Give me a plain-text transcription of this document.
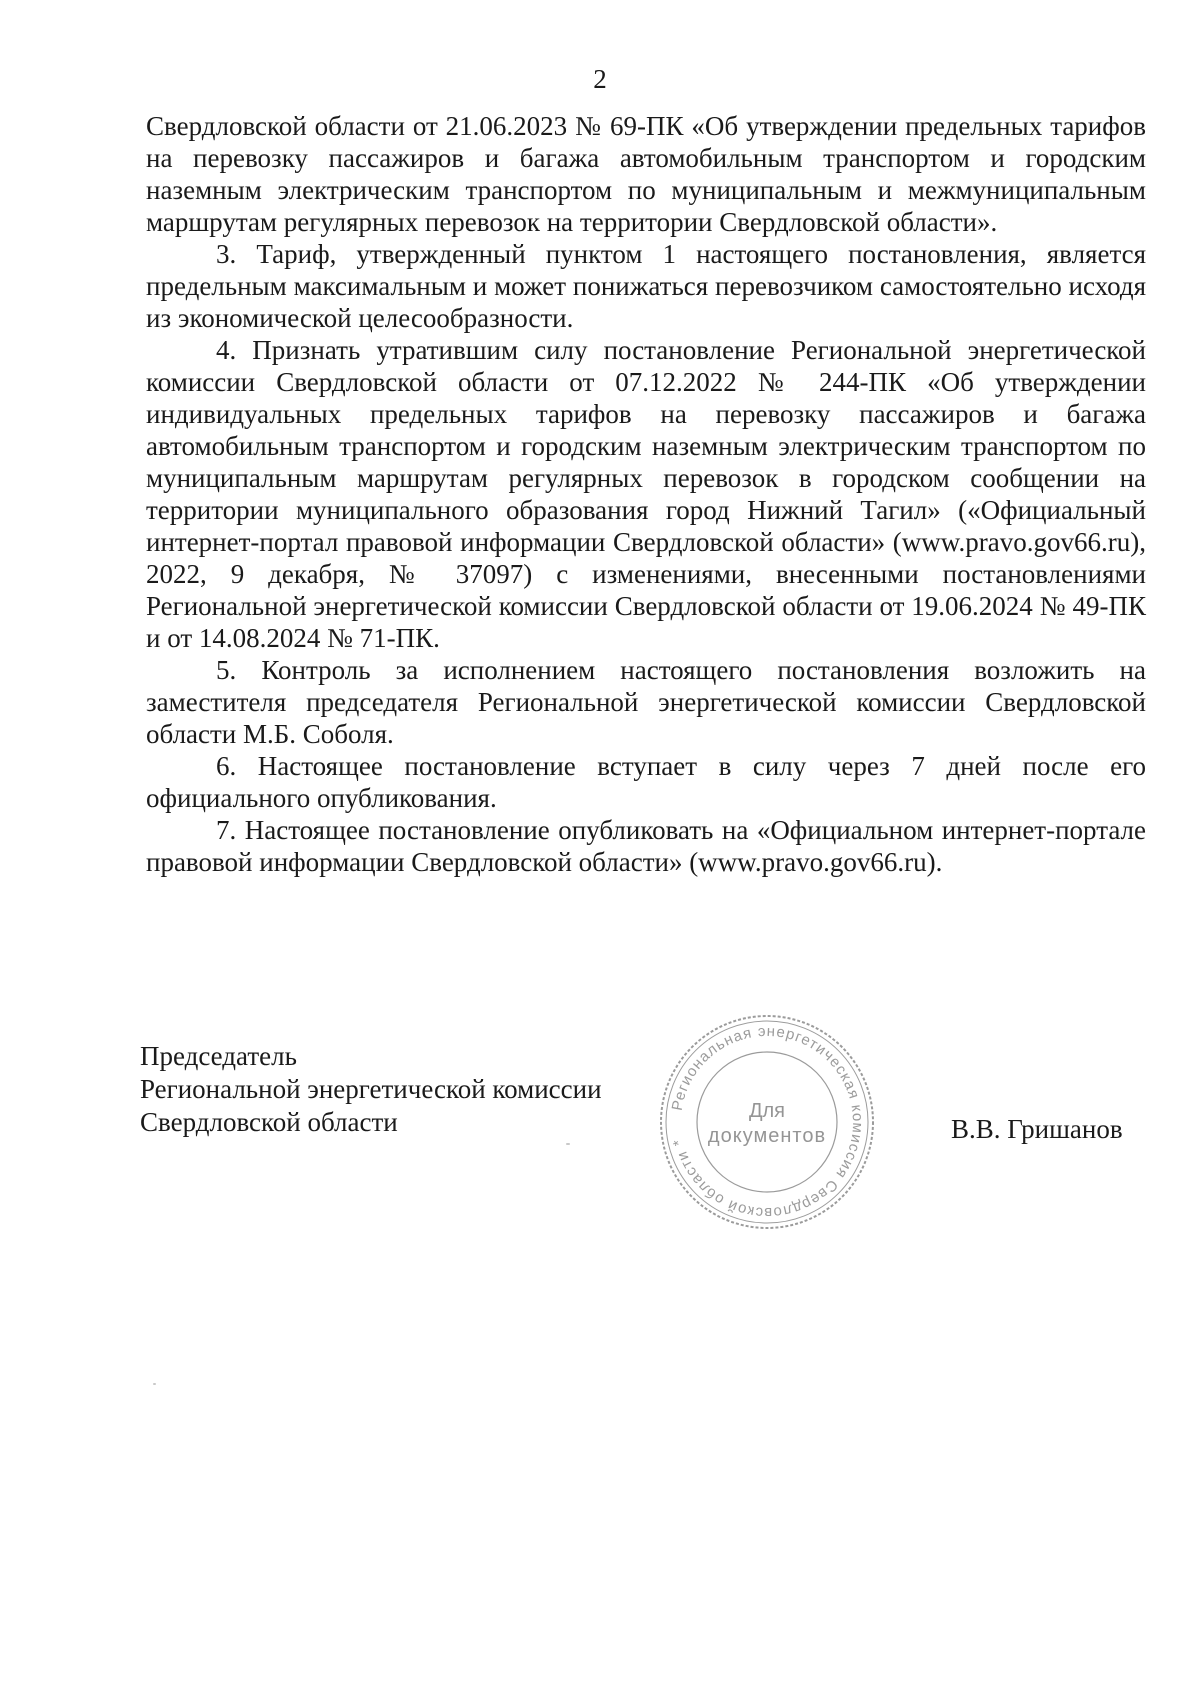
2

Свердловской области от 21.06.2023 № 69-ПК «Об утверждении предельных тарифов на перевозку пассажиров и багажа автомобильным транспортом и городским наземным электрическим транспортом по муниципальным и межмуниципальным маршрутам регулярных перевозок на территории Свердловской области».

3. Тариф, утвержденный пунктом 1 настоящего постановления, является предельным максимальным и может понижаться перевозчиком самостоятельно исходя из экономической целесообразности.

4. Признать утратившим силу постановление Региональной энергетической комиссии Свердловской области от 07.12.2022 № 244-ПК «Об утверждении индивидуальных предельных тарифов на перевозку пассажиров и багажа автомобильным транспортом и городским наземным электрическим транспортом по муниципальным маршрутам регулярных перевозок в городском сообщении на территории муниципального образования город Нижний Тагил» («Официальный интернет-портал правовой информации Свердловской области» (www.pravo.gov66.ru), 2022, 9 декабря, № 37097) с изменениями, внесенными постановлениями Региональной энергетической комиссии Свердловской области от 19.06.2024 № 49-ПК и от 14.08.2024 № 71-ПК.

5. Контроль за исполнением настоящего постановления возложить на заместителя председателя Региональной энергетической комиссии Свердловской области М.Б. Соболя.

6. Настоящее постановление вступает в силу через 7 дней после его официального опубликования.

7. Настоящее постановление опубликовать на «Официальном интернет-портале правовой информации Свердловской области» (www.pravo.gov66.ru).

Председатель
Региональной энергетической комиссии
Свердловской области
Региональная энергетическая комиссия Свердловской области *
Для
документов	В.В. Гришанов
